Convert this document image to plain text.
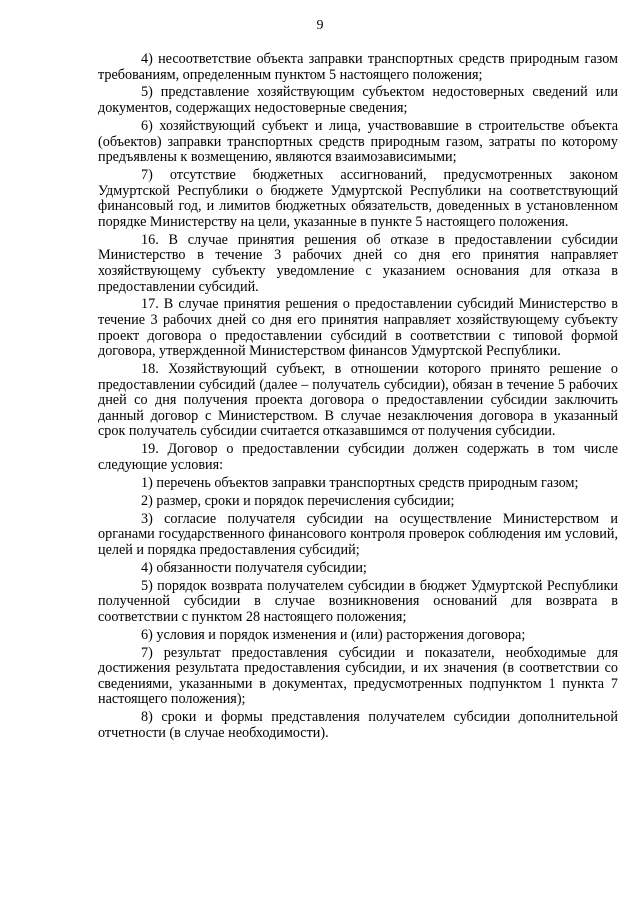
9

4) несоответствие объекта заправки транспортных средств природным газом требованиям, определенным пунктом 5 настоящего положения;

5) представление хозяйствующим субъектом недостоверных сведений или документов, содержащих недостоверные сведения;

6) хозяйствующий субъект и лица, участвовавшие в строительстве объекта (объектов) заправки транспортных средств природным газом, затраты по которому предъявлены к возмещению, являются взаимозависимыми;

7) отсутствие бюджетных ассигнований, предусмотренных законом Удмуртской Республики о бюджете Удмуртской Республики на соответствующий финансовый год, и лимитов бюджетных обязательств, доведенных в установленном порядке Министерству на цели, указанные в пункте 5 настоящего положения.

16. В случае принятия решения об отказе в предоставлении субсидии Министерство в течение 3 рабочих дней со дня его принятия направляет хозяйствующему субъекту уведомление с указанием основания для отказа в предоставлении субсидий.

17. В случае принятия решения о предоставлении субсидий Министерство в течение 3 рабочих дней со дня его принятия направляет хозяйствующему субъекту проект договора о предоставлении субсидий в соответствии с типовой формой договора, утвержденной Министерством финансов Удмуртской Республики.

18. Хозяйствующий субъект, в отношении которого принято решение о предоставлении субсидий (далее – получатель субсидии), обязан в течение 5 рабочих дней со дня получения проекта договора о предоставлении субсидии заключить данный договор с Министерством. В случае незаключения договора в указанный срок получатель субсидии считается отказавшимся от получения субсидии.

19. Договор о предоставлении субсидии должен содержать в том числе следующие условия:

1) перечень объектов заправки транспортных средств природным газом;

2) размер, сроки и порядок перечисления субсидии;

3) согласие получателя субсидии на осуществление Министерством и органами государственного финансового контроля проверок соблюдения им условий, целей и порядка предоставления субсидий;

4) обязанности получателя субсидии;

5) порядок возврата получателем субсидии в бюджет Удмуртской Республики полученной субсидии в случае возникновения оснований для возврата в соответствии с пунктом 28 настоящего положения;

6) условия и порядок изменения и (или) расторжения договора;

7) результат предоставления субсидии и показатели, необходимые для достижения результата предоставления субсидии, и их значения (в соответствии со сведениями, указанными в документах, предусмотренных подпунктом 1 пункта 7 настоящего положения);

8) сроки и формы представления получателем субсидии дополнительной отчетности (в случае необходимости).
